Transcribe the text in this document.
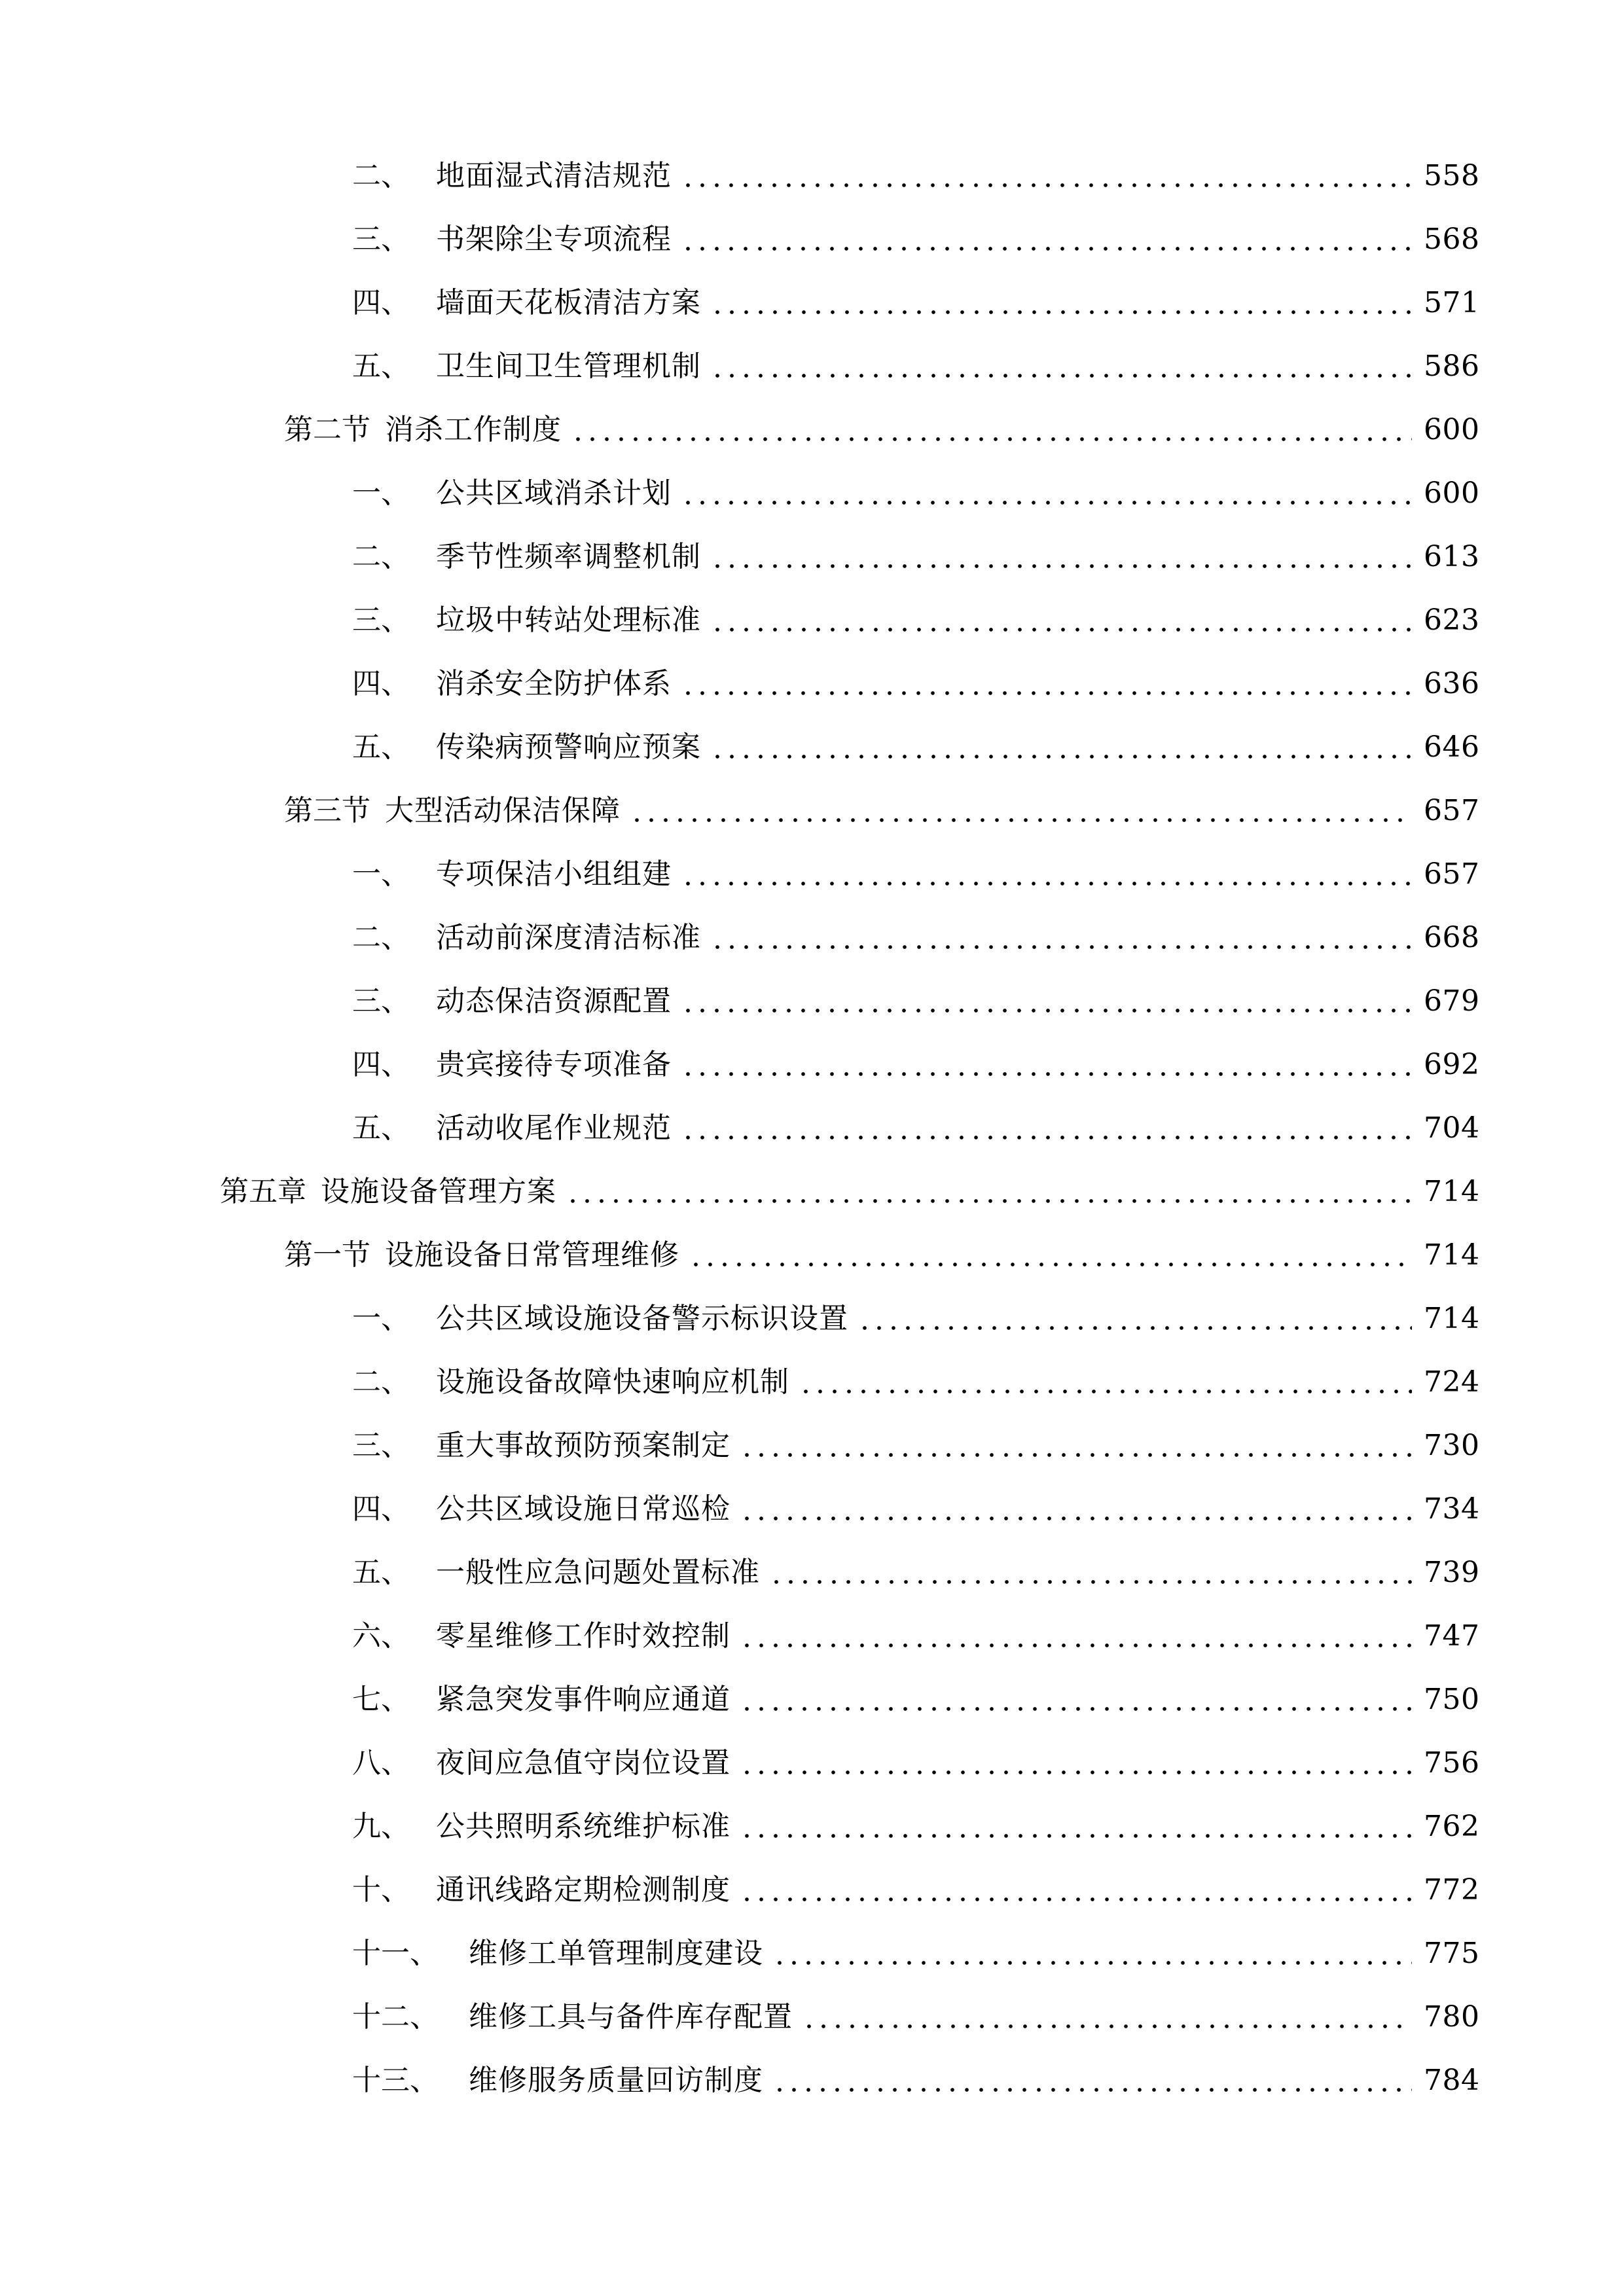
二、 地面湿式清洁规范	558
三、 书架除尘专项流程	568
四、 墙面天花板清洁方案	571
五、 卫生间卫生管理机制	586
第二节 消杀工作制度	600
一、 公共区域消杀计划	600
二、 季节性频率调整机制	613
三、 垃圾中转站处理标准	623
四、 消杀安全防护体系	636
五、 传染病预警响应预案	646
第三节 大型活动保洁保障	657
一、 专项保洁小组组建	657
二、 活动前深度清洁标准	668
三、 动态保洁资源配置	679
四、 贵宾接待专项准备	692
五、 活动收尾作业规范	704
第五章 设施设备管理方案	714
第一节 设施设备日常管理维修	714
一、 公共区域设施设备警示标识设置	714
二、 设施设备故障快速响应机制	724
三、 重大事故预防预案制定	730
四、 公共区域设施日常巡检	734
五、 一般性应急问题处置标准	739
六、 零星维修工作时效控制	747
七、 紧急突发事件响应通道	750
八、 夜间应急值守岗位设置	756
九、 公共照明系统维护标准	762
十、 通讯线路定期检测制度	772
十一、	维修工单管理制度建设	775
十二、	维修工具与备件库存配置	780
十三、	维修服务质量回访制度	784
